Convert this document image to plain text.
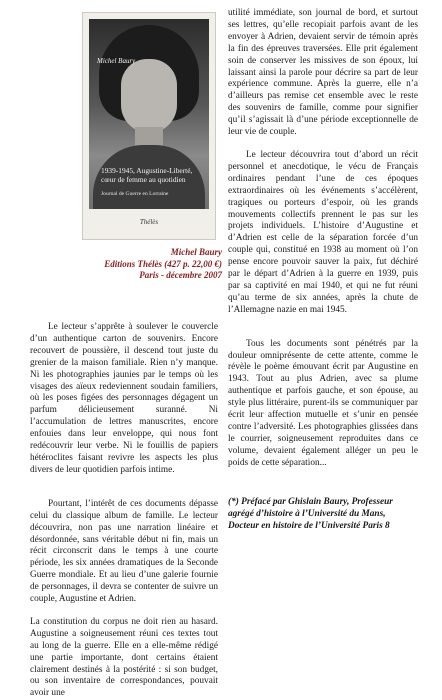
Michel Baury
1939-1945, Augustine-Liberté, cœur de femme au quotidien
Journal de Guerre en Lorraine
Thélès
Michel Baury
Editions Thélès (427 p. 22,00 €)
Paris - décembre 2007

Le lecteur s’apprête à soulever le couvercle d’un authentique carton de souvenirs. Encore recouvert de poussière, il descend tout juste du grenier de la maison familiale. Rien n’y manque. Ni les photographies jaunies par le temps où les visages des aïeux redeviennent soudain familiers, où les poses figées des personnages dégagent un parfum délicieusement suranné. Ni l’accumulation de lettres manuscrites, encore enfouies dans leur enveloppe, qui nous font redécouvrir leur verbe. Ni le fouillis de papiers hétéroclites faisant revivre les aspects les plus divers de leur quotidien parfois intime.

Pourtant, l’intérêt de ces documents dépasse celui du classique album de famille. Le lecteur découvrira, non pas une narration linéaire et désordonnée, sans véritable début ni fin, mais un récit circonscrit dans le temps à une courte période, les six années dramatiques de la Seconde Guerre mondiale. Et au lieu d’une galerie fournie de personnages, il devra se contenter de suivre un couple, Augustine et Adrien.

La constitution du corpus ne doit rien au hasard. Augustine a soigneusement réuni ces textes tout au long de la guerre. Elle en a elle-même rédigé une partie importante, dont certains étaient clairement destinés à la postérité : si son budget, ou son inventaire de correspondances, pouvait avoir une

utilité immédiate, son journal de bord, et surtout ses lettres, qu’elle recopiait parfois avant de les envoyer à Adrien, devaient servir de témoin après la fin des épreuves traversées. Elle prit également soin de conserver les missives de son époux, lui laissant ainsi la parole pour décrire sa part de leur expérience commune. Après la guerre, elle n’a d’ailleurs pas remise cet ensemble avec le reste des souvenirs de famille, comme pour signifier qu’il s’agissait là d’une période exceptionnelle de leur vie de couple.

Le lecteur découvrira tout d’abord un récit personnel et anecdotique, le vécu de Français ordinaires pendant l’une de ces époques extraordinaires où les événements s’accélèrent, tragiques ou porteurs d’espoir, où les grands mouvements collectifs prennent le pas sur les projets individuels. L’histoire d’Augustine et d’Adrien est celle de la séparation forcée d’un couple qui, constitué en 1938 au moment où l’on pense encore pouvoir sauver la paix, fut déchiré par le départ d’Adrien à la guerre en 1939, puis par sa captivité en mai 1940, et qui ne fut réuni qu’au terme de six années, après la chute de l’Allemagne nazie en mai 1945.

Tous les documents sont pénétrés par la douleur omniprésente de cette attente, comme le révèle le poème émouvant écrit par Augustine en 1943. Tout au plus Adrien, avec sa plume authentique et parfois gauche, et son épouse, au style plus littéraire, purent-ils se communiquer par écrit leur affection mutuelle et s’unir en pensée contre l’adversité. Les photographies glissées dans le courrier, soigneusement reproduites dans ce volume, devaient également alléger un peu le poids de cette séparation...

(*) Préfacé par Ghislain Baury, Professeur agrégé d’histoire à l’Université du Mans, Docteur en histoire de l’Université Paris 8
